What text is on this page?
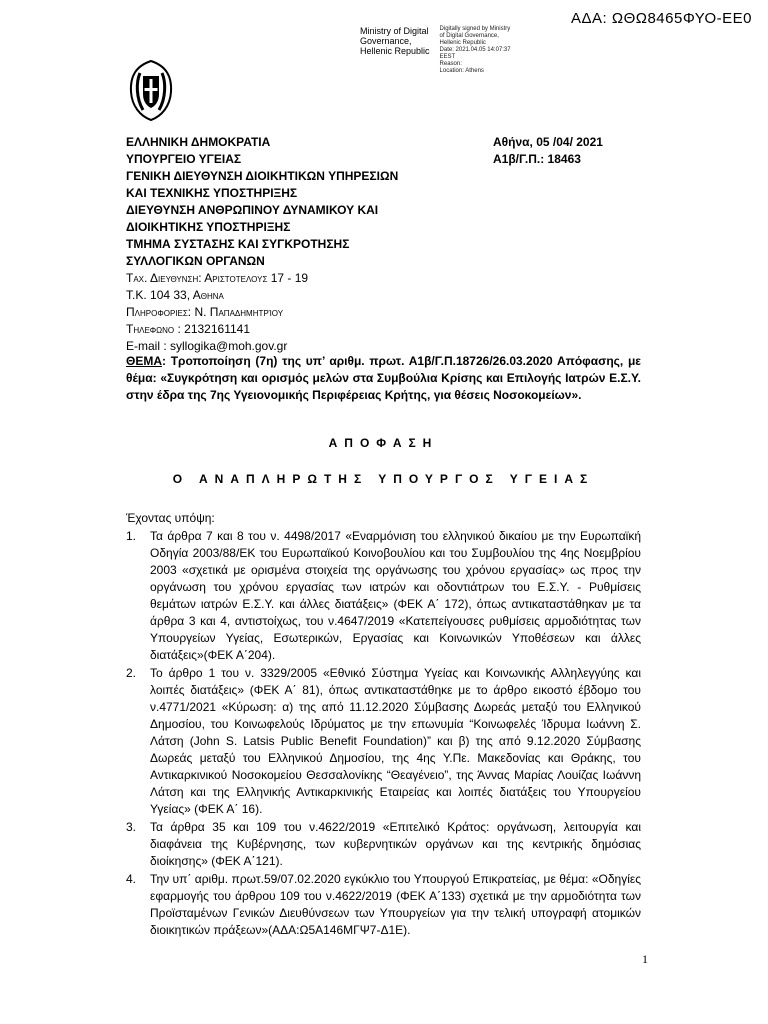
ΑΔΑ: ΩΘΩ8465ΦΥΟ-ΕΕ0
Ministry of Digital
Governance,
Hellenic Republic
Digitally signed by Ministry
of Digital Governance,
Hellenic Republic
Date: 2021.04.05 14:07:37
EEST
Reason:
Location: Athens
ΕΛΛΗΝΙΚΗ ΔΗΜΟΚΡΑΤΙΑ
ΥΠΟΥΡΓΕΙΟ ΥΓΕΙΑΣ
ΓΕΝΙΚΗ ΔΙΕΥΘΥΝΣΗ ΔΙΟΙΚΗΤΙΚΩΝ ΥΠΗΡΕΣΙΩΝ
ΚΑΙ ΤΕΧΝΙΚΗΣ ΥΠΟΣΤΗΡΙΞΗΣ
ΔΙΕΥΘΥΝΣΗ ΑΝΘΡΩΠΙΝΟΥ ΔΥΝΑΜΙΚΟΥ ΚΑΙ
ΔΙΟΙΚΗΤΙΚΗΣ ΥΠΟΣΤΗΡΙΞΗΣ
ΤΜΗΜΑ ΣΥΣΤΑΣΗΣ ΚΑΙ ΣΥΓΚΡΟΤΗΣΗΣ
ΣΥΛΛΟΓΙΚΩΝ ΟΡΓΑΝΩΝ
Ταχ. Διευθυνση: Αριστοτελους 17 - 19
Τ.Κ. 104 33, Αθηνα
Πληροφοριες: Ν. Παπαδημητρίου
Τηλεφωνο : 2132161141
E-mail : syllogika@moh.gov.gr
Αθήνα, 05 /04/ 2021
Α1β/Γ.Π.: 18463
ΘΕΜΑ: Τροποποίηση (7η) της υπ’ αριθμ. πρωτ. Α1β/Γ.Π.18726/26.03.2020 Απόφασης, με θέμα: «Συγκρότηση και ορισμός μελών στα Συμβούλια Κρίσης και Επιλογής Ιατρών Ε.Σ.Υ. στην έδρα της 7ης Υγειονομικής Περιφέρειας Κρήτης, για θέσεις Νοσοκομείων».
ΑΠΟΦΑΣΗ
Ο ΑΝΑΠΛΗΡΩΤΗΣ ΥΠΟΥΡΓΟΣ ΥΓΕΙΑΣ
Έχοντας υπόψη:
1.	Τα άρθρα 7 και 8 του ν. 4498/2017 «Εναρμόνιση του ελληνικού δικαίου με την Ευρωπαϊκή Οδηγία 2003/88/ΕΚ του Ευρωπαϊκού Κοινοβουλίου και του Συμβουλίου της 4ης Νοεμβρίου 2003 «σχετικά με ορισμένα στοιχεία της οργάνωσης του χρόνου εργασίας» ως προς την οργάνωση του χρόνου εργασίας των ιατρών και οδοντιάτρων του Ε.Σ.Υ. - Ρυθμίσεις θεμάτων ιατρών Ε.Σ.Υ. και άλλες διατάξεις» (ΦΕΚ Α΄ 172), όπως αντικαταστάθηκαν με τα άρθρα 3 και 4, αντιστοίχως, του ν.4647/2019 «Κατεπείγουσες ρυθμίσεις αρμοδιότητας των Υπουργείων Υγείας, Εσωτερικών, Εργασίας και Κοινωνικών Υποθέσεων και άλλες διατάξεις»(ΦΕΚ Α΄204).
2.	Το άρθρο 1 του ν. 3329/2005 «Εθνικό Σύστημα Υγείας και Κοινωνικής Αλληλεγγύης και λοιπές διατάξεις» (ΦΕΚ Α΄ 81), όπως αντικαταστάθηκε με το άρθρο εικοστό έβδομο του ν.4771/2021 «Κύρωση: α) της από 11.12.2020 Σύμβασης Δωρεάς μεταξύ του Ελληνικού Δημοσίου, του Κοινωφελούς Ιδρύματος με την επωνυμία “Κοινωφελές Ίδρυμα Ιωάννη Σ. Λάτση (John S. Latsis Public Benefit Foundation)” και β) της από 9.12.2020 Σύμβασης Δωρεάς μεταξύ του Ελληνικού Δημοσίου, της 4ης Υ.Πε. Μακεδονίας και Θράκης, του Αντικαρκινικού Νοσοκομείου Θεσσαλονίκης “Θεαγένειο”, της Άννας Μαρίας Λουίζας Ιωάννη Λάτση και της Ελληνικής Αντικαρκινικής Εταιρείας και λοιπές διατάξεις του Υπουργείου Υγείας» (ΦΕΚ Α΄ 16).
3.	Τα άρθρα 35 και 109 του ν.4622/2019 «Επιτελικό Κράτος: οργάνωση, λειτουργία και διαφάνεια της Κυβέρνησης, των κυβερνητικών οργάνων και της κεντρικής δημόσιας διοίκησης» (ΦΕΚ Α΄121).
4.	Την υπ΄ αριθμ. πρωτ.59/07.02.2020 εγκύκλιο του Υπουργού Επικρατείας, με θέμα: «Οδηγίες εφαρμογής του άρθρου 109 του ν.4622/2019 (ΦΕΚ Α΄133) σχετικά με την αρμοδιότητα των Προϊσταμένων Γενικών Διευθύνσεων των Υπουργείων για την τελική υπογραφή ατομικών διοικητικών πράξεων»(ΑΔΑ:Ω5Α146ΜΓΨ7-Δ1Ε).
1
